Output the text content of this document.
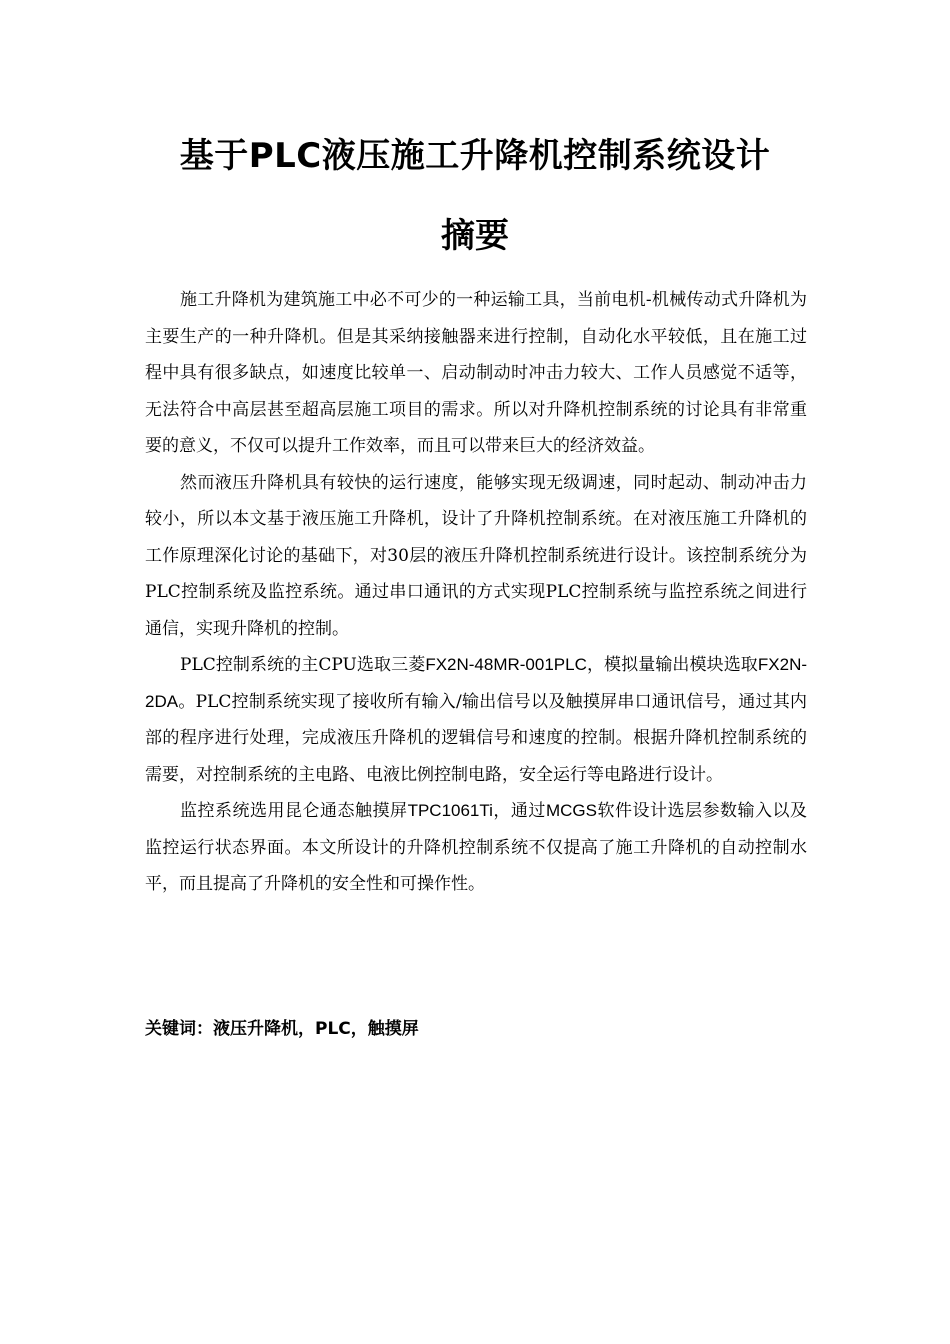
基于PLC液压施工升降机控制系统设计
摘要

施工升降机为建筑施工中必不可少的一种运输工具，当前电机-机械传动式升降机为主要生产的一种升降机。但是其采纳接触器来进行控制，自动化水平较低，且在施工过程中具有很多缺点，如速度比较单一、启动制动时冲击力较大、工作人员感觉不适等，无法符合中高层甚至超高层施工项目的需求。所以对升降机控制系统的讨论具有非常重要的意义，不仅可以提升工作效率，而且可以带来巨大的经济效益。

然而液压升降机具有较快的运行速度，能够实现无级调速，同时起动、制动冲击力较小，所以本文基于液压施工升降机，设计了升降机控制系统。在对液压施工升降机的工作原理深化讨论的基础下，对30层的液压升降机控制系统进行设计。该控制系统分为PLC控制系统及监控系统。通过串口通讯的方式实现PLC控制系统与监控系统之间进行通信，实现升降机的控制。

PLC控制系统的主CPU选取三菱FX2N-48MR-001PLC，模拟量输出模块选取FX2N-2DA。PLC控制系统实现了接收所有输入/输出信号以及触摸屏串口通讯信号，通过其内部的程序进行处理，完成液压升降机的逻辑信号和速度的控制。根据升降机控制系统的需要，对控制系统的主电路、电液比例控制电路，安全运行等电路进行设计。

监控系统选用昆仑通态触摸屏TPC1061Ti，通过MCGS软件设计选层参数输入以及监控运行状态界面。本文所设计的升降机控制系统不仅提高了施工升降机的自动控制水平，而且提高了升降机的安全性和可操作性。

关键词：液压升降机，PLC，触摸屏
